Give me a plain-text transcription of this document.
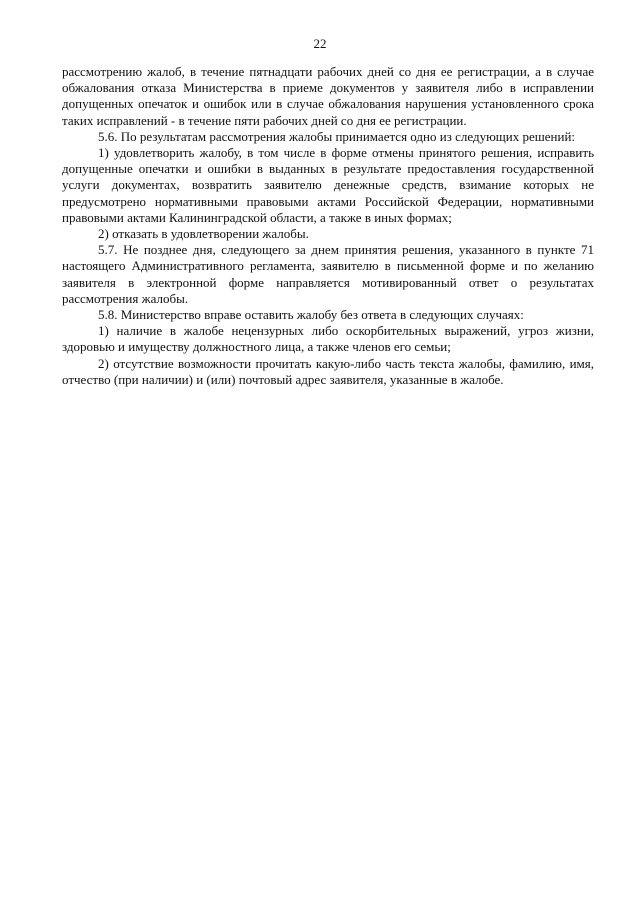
22

рассмотрению жалоб, в течение пятнадцати рабочих дней со дня ее регистрации, а в случае обжалования отказа Министерства в приеме документов у заявителя либо в исправлении допущенных опечаток и ошибок или в случае обжалования нарушения установленного срока таких исправлений - в течение пяти рабочих дней со дня ее регистрации.

5.6. По результатам рассмотрения жалобы принимается одно из следующих решений:

1) удовлетворить жалобу, в том числе в форме отмены принятого решения, исправить допущенные опечатки и ошибки в выданных в результате предоставления государственной услуги документах, возвратить заявителю денежные средств, взимание которых не предусмотрено нормативными правовыми актами Российской Федерации, нормативными правовыми актами Калининградской области, а также в иных формах;

2) отказать в удовлетворении жалобы.

5.7. Не позднее дня, следующего за днем принятия решения, указанного в пункте 71 настоящего Административного регламента, заявителю в письменной форме и по желанию заявителя в электронной форме направляется мотивированный ответ о результатах рассмотрения жалобы.

5.8. Министерство вправе оставить жалобу без ответа в следующих случаях:

1) наличие в жалобе нецензурных либо оскорбительных выражений, угроз жизни, здоровью и имуществу должностного лица, а также членов его семьи;

2) отсутствие возможности прочитать какую-либо часть текста жалобы, фамилию, имя, отчество (при наличии) и (или) почтовый адрес заявителя, указанные в жалобе.
